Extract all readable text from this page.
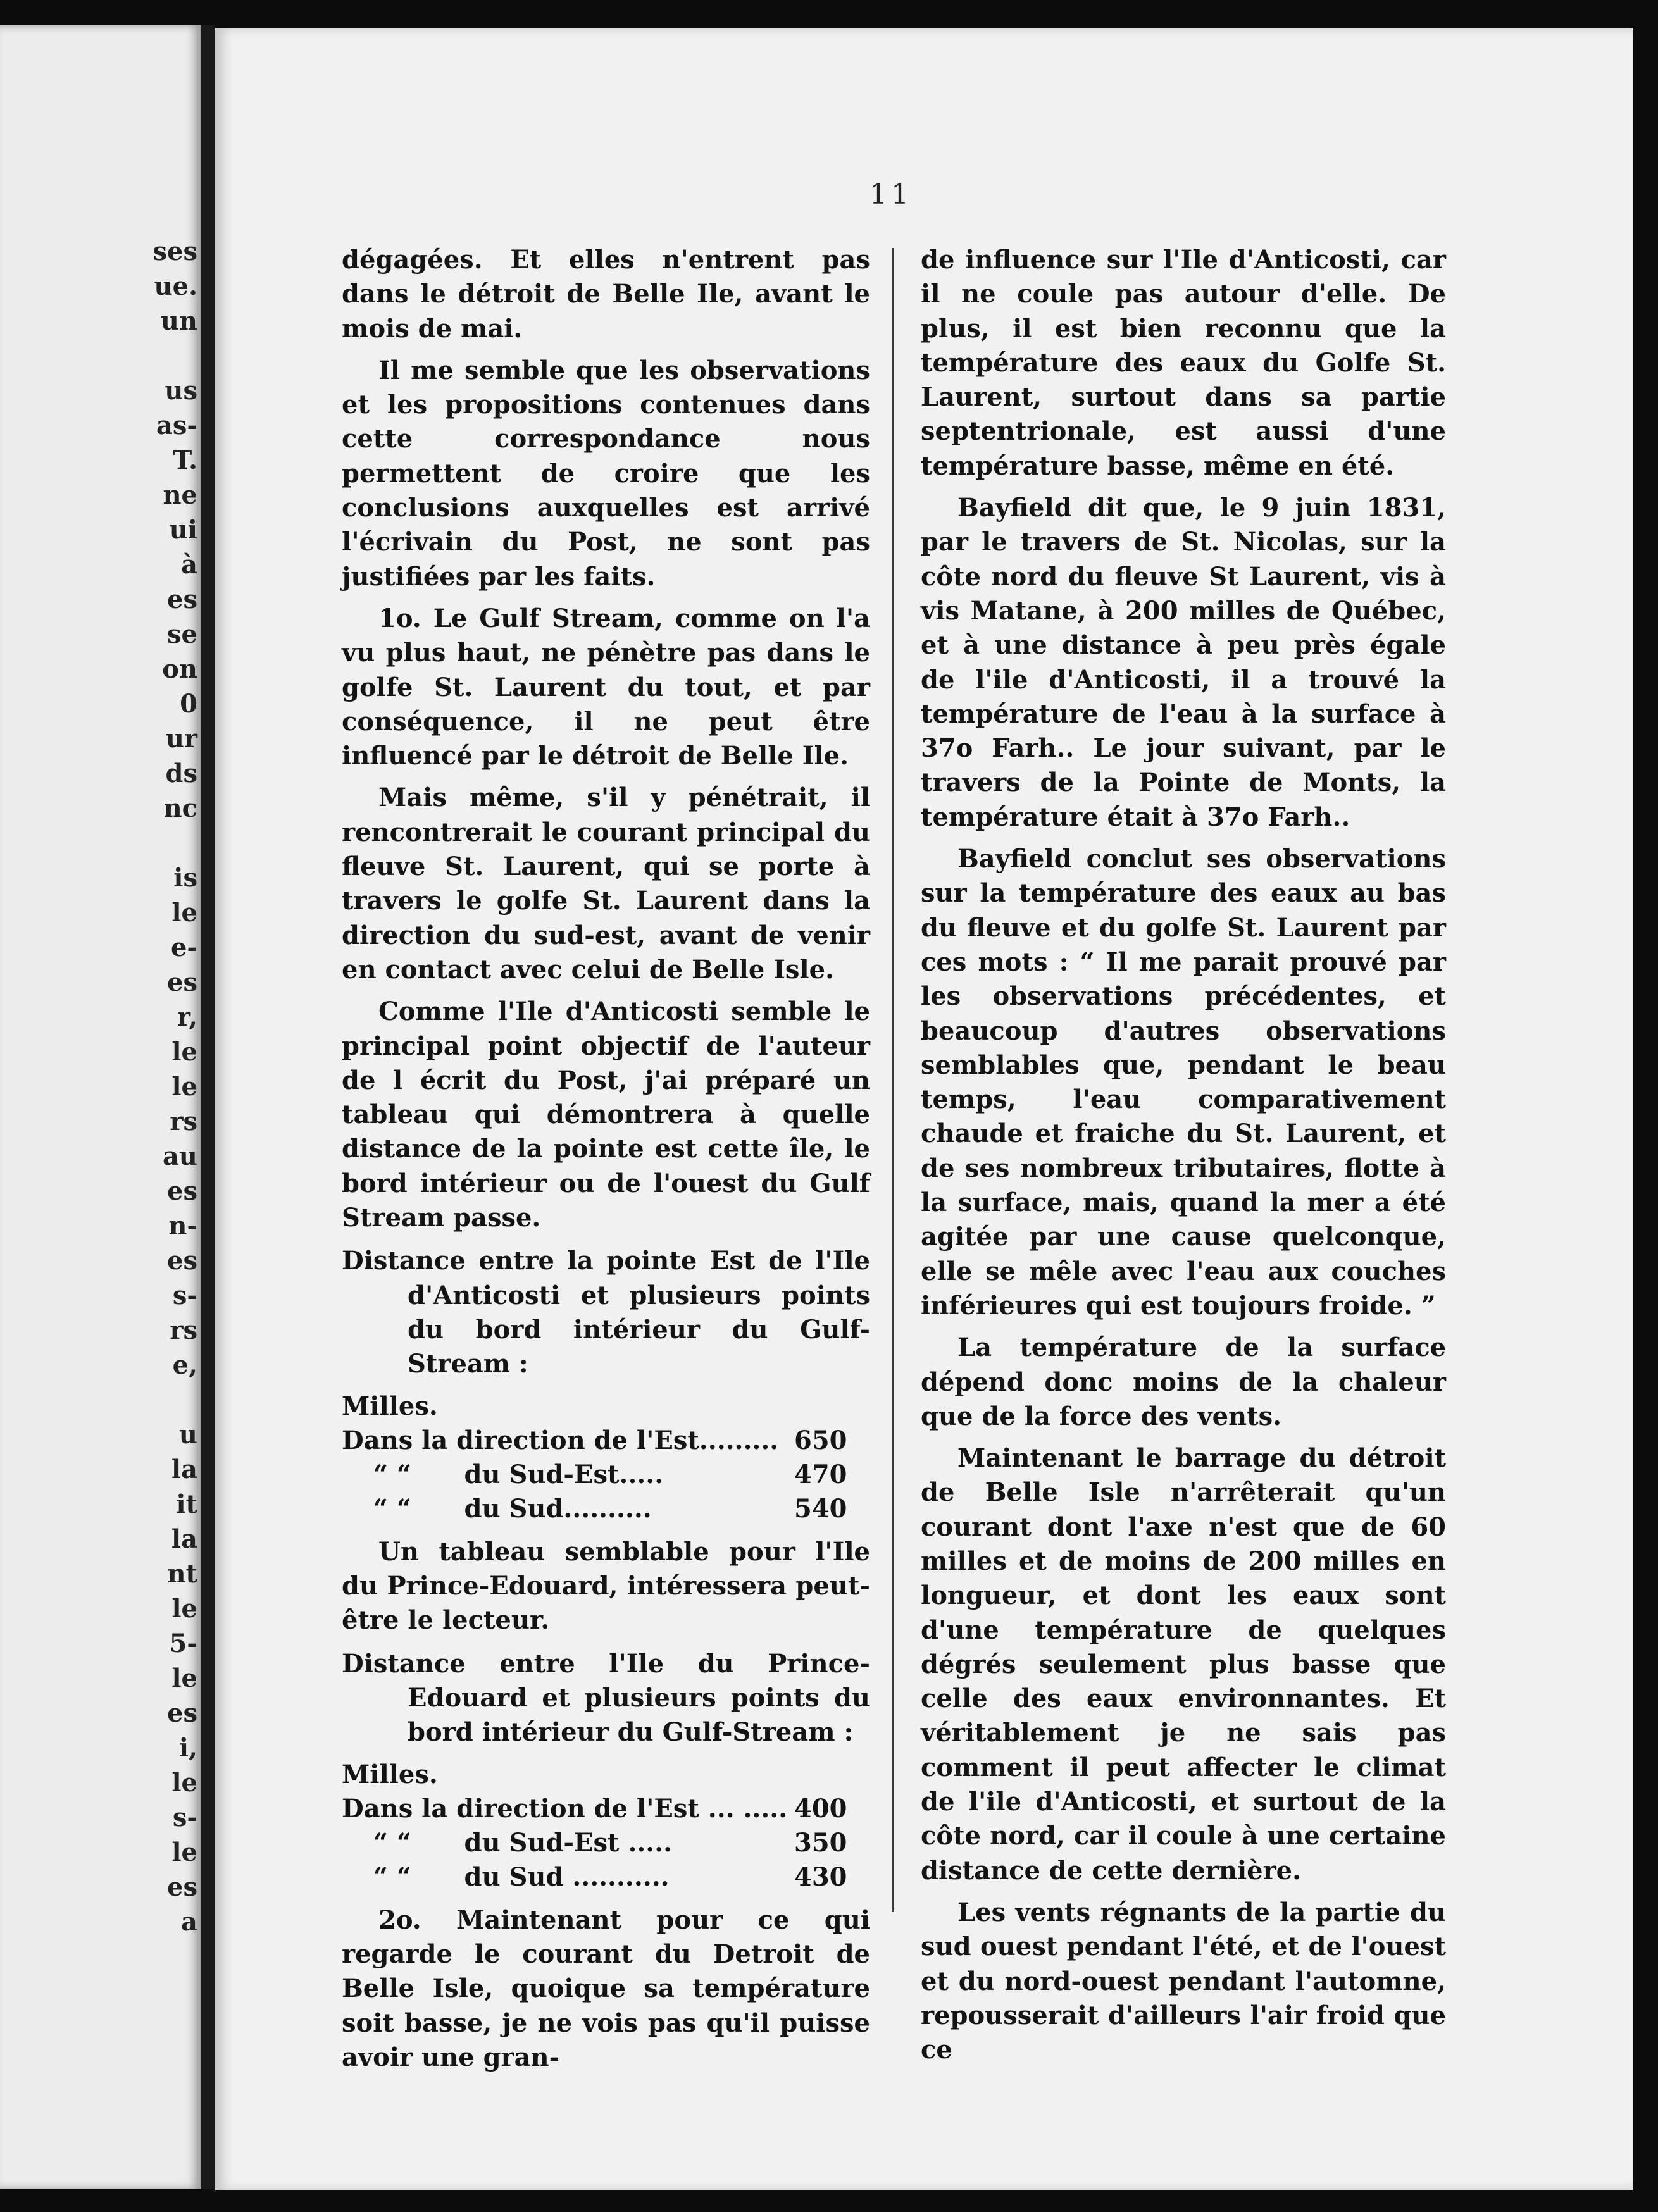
ses
ue.
un

us
as-
T.
ne
ui
à
es
se
on
0
ur
ds
nc

is
le
e-
es
r,
le
le
rs
au
es
n-
es
s-
rs
e,

u
la
it
la
nt
le
5-
le
es
i,
le
s-
le
es
a
11

dégagées. Et elles n'entrent pas dans le détroit de Belle Ile, avant le mois de mai.

Il me semble que les observations et les propositions contenues dans cette correspondance nous permettent de croire que les conclusions auxquelles est arrivé l'écrivain du Post, ne sont pas justifiées par les faits.

1o. Le Gulf Stream, comme on l'a vu plus haut, ne pénètre pas dans le golfe St. Laurent du tout, et par conséquence, il ne peut être influencé par le détroit de Belle Ile.

Mais même, s'il y pénétrait, il rencontrerait le courant principal du fleuve St. Laurent, qui se porte à travers le golfe St. Laurent dans la direction du sud-est, avant de venir en contact avec celui de Belle Isle.

Comme l'Ile d'Anticosti semble le principal point objectif de l'auteur de l écrit du Post, j'ai préparé un tableau qui démontrera à quelle distance de la pointe est cette île, le bord intérieur ou de l'ouest du Gulf Stream passe.

Distance entre la pointe Est de l'Ile d'Anticosti et plusieurs points du bord intérieur du Gulf-Stream :

Milles.

Dans la direction de l'Est.........	650
“ “ du Sud-Est.....	470
“ “ du Sud..........	540

Un tableau semblable pour l'Ile du Prince-Edouard, intéressera peut-être le lecteur.

Distance entre l'Ile du Prince-Edouard et plusieurs points du bord intérieur du Gulf-Stream :

Milles.

Dans la direction de l'Est ... .....	400
“ “ du Sud-Est .....	350
“ “ du Sud ...........	430

2o. Maintenant pour ce qui regarde le courant du Detroit de Belle Isle, quoique sa température soit basse, je ne vois pas qu'il puisse avoir une gran-

de influence sur l'Ile d'Anticosti, car il ne coule pas autour d'elle. De plus, il est bien reconnu que la température des eaux du Golfe St. Laurent, surtout dans sa partie septentrionale, est aussi d'une température basse, même en été.

Bayfield dit que, le 9 juin 1831, par le travers de St. Nicolas, sur la côte nord du fleuve St Laurent, vis à vis Matane, à 200 milles de Québec, et à une distance à peu près égale de l'ile d'Anticosti, il a trouvé la température de l'eau à la surface à 37o Farh.. Le jour suivant, par le travers de la Pointe de Monts, la température était à 37o Farh..

Bayfield conclut ses observations sur la température des eaux au bas du fleuve et du golfe St. Laurent par ces mots : “ Il me parait prouvé par les observations précédentes, et beaucoup d'autres observations semblables que, pendant le beau temps, l'eau comparativement chaude et fraiche du St. Laurent, et de ses nombreux tributaires, flotte à la surface, mais, quand la mer a été agitée par une cause quelconque, elle se mêle avec l'eau aux couches inférieures qui est toujours froide. ”

La température de la surface dépend donc moins de la chaleur que de la force des vents.

Maintenant le barrage du détroit de Belle Isle n'arrêterait qu'un courant dont l'axe n'est que de 60 milles et de moins de 200 milles en longueur, et dont les eaux sont d'une température de quelques dégrés seulement plus basse que celle des eaux environnantes. Et véritablement je ne sais pas comment il peut affecter le climat de l'ile d'Anticosti, et surtout de la côte nord, car il coule à une certaine distance de cette dernière.

Les vents régnants de la partie du sud ouest pendant l'été, et de l'ouest et du nord-ouest pendant l'automne, repousserait d'ailleurs l'air froid que ce
